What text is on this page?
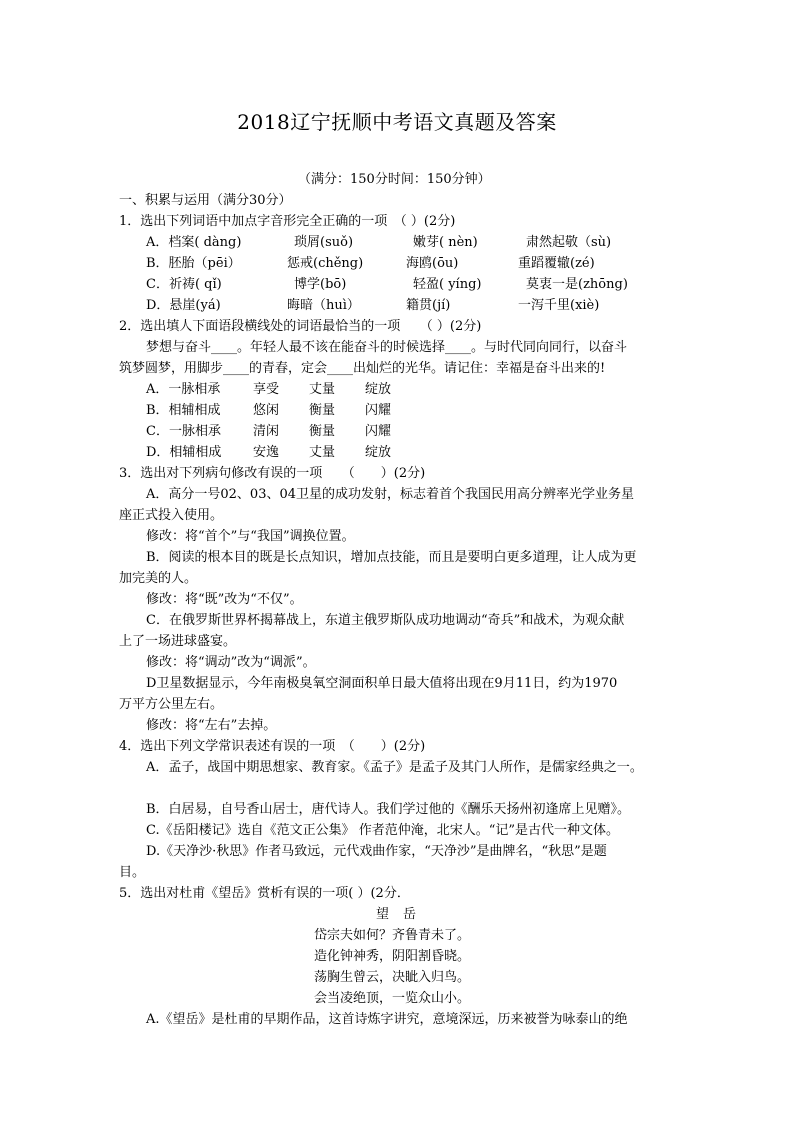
2018辽宁抚顺中考语文真题及答案
（满分：150分时间：150分钟）
一、积累与运用（满分30分）
1．选出下列词语中加点字音形完全正确的一项　（ ）(2分)
A．档案( dàng)	琐屑(suǒ)	嫩芽( nèn)	肃然起敬（sù)
B．胚胎（pēi）	惩戒(chěng)	海鸥(ōu)	重蹈覆辙(zé)
C．祈祷( qǐ)	博学(bō)	轻盈( yíng)	莫衷一是(zhōng)
D．悬崖(yá)	晦暗（huì）	籍贯(jí)	一泻千里(xiè)
2．选出填人下面语段横线处的词语最恰当的一项　　（ ）(2分)
梦想与奋斗____。年轻人最不该在能奋斗的时候选择____。与时代同向同行，以奋斗
筑梦圆梦，用脚步____的青春，定会____出灿烂的光华。请记住：幸福是奋斗出来的!
A．一脉相承	享受 丈量 绽放
B．相辅相成 悠闲 衡量 闪耀
C．一脉相承 清闲 衡量 闪耀
D．相辅相成 安逸 丈量 绽放
3．选出对下列病句修改有误的一项　　（　　）(2分)
A．高分一号02、03、04卫星的成功发射，标志着首个我国民用高分辨率光学业务星
座正式投入使用。
修改：将“首个”与“我国”调换位置。
B．阅读的根本目的既是长点知识，增加点技能，而且是要明白更多道理，让人成为更
加完美的人。
修改：将“既”改为“不仅”。
C．在俄罗斯世界杯揭幕战上，东道主俄罗斯队成功地调动“奇兵”和战术，为观众献
上了一场进球盛宴。
修改：将“调动”改为“调派”。
D卫星数据显示，今年南极臭氧空洞面积单日最大值将出现在9月11日，约为1970
万平方公里左右。
修改：将“左右”去掉。
4．选出下列文学常识表述有误的一项　（　　）(2分)
A．孟子，战国中期思想家、教育家。《孟子》是孟子及其门人所作，是儒家经典之一。
B．白居易，自号香山居士，唐代诗人。我们学过他的《酬乐天扬州初逢席上见赠》。
C.《岳阳楼记》选自《范文正公集》 作者范仲淹，北宋人。“记”是古代一种文体。
D.《天净沙·秋思》作者马致远，元代戏曲作家，“天净沙”是曲牌名，“秋思”是题
目。
5．选出对杜甫《望岳》赏析有误的一项( ）(2分．
望岳
岱宗夫如何？齐鲁青未了。
造化钟神秀，阴阳割昏晓。
荡胸生曾云，决眦入归鸟。
会当凌绝顶，一览众山小。
A.《望岳》是杜甫的早期作品，这首诗炼字讲究，意境深远，历来被誉为咏泰山的绝
